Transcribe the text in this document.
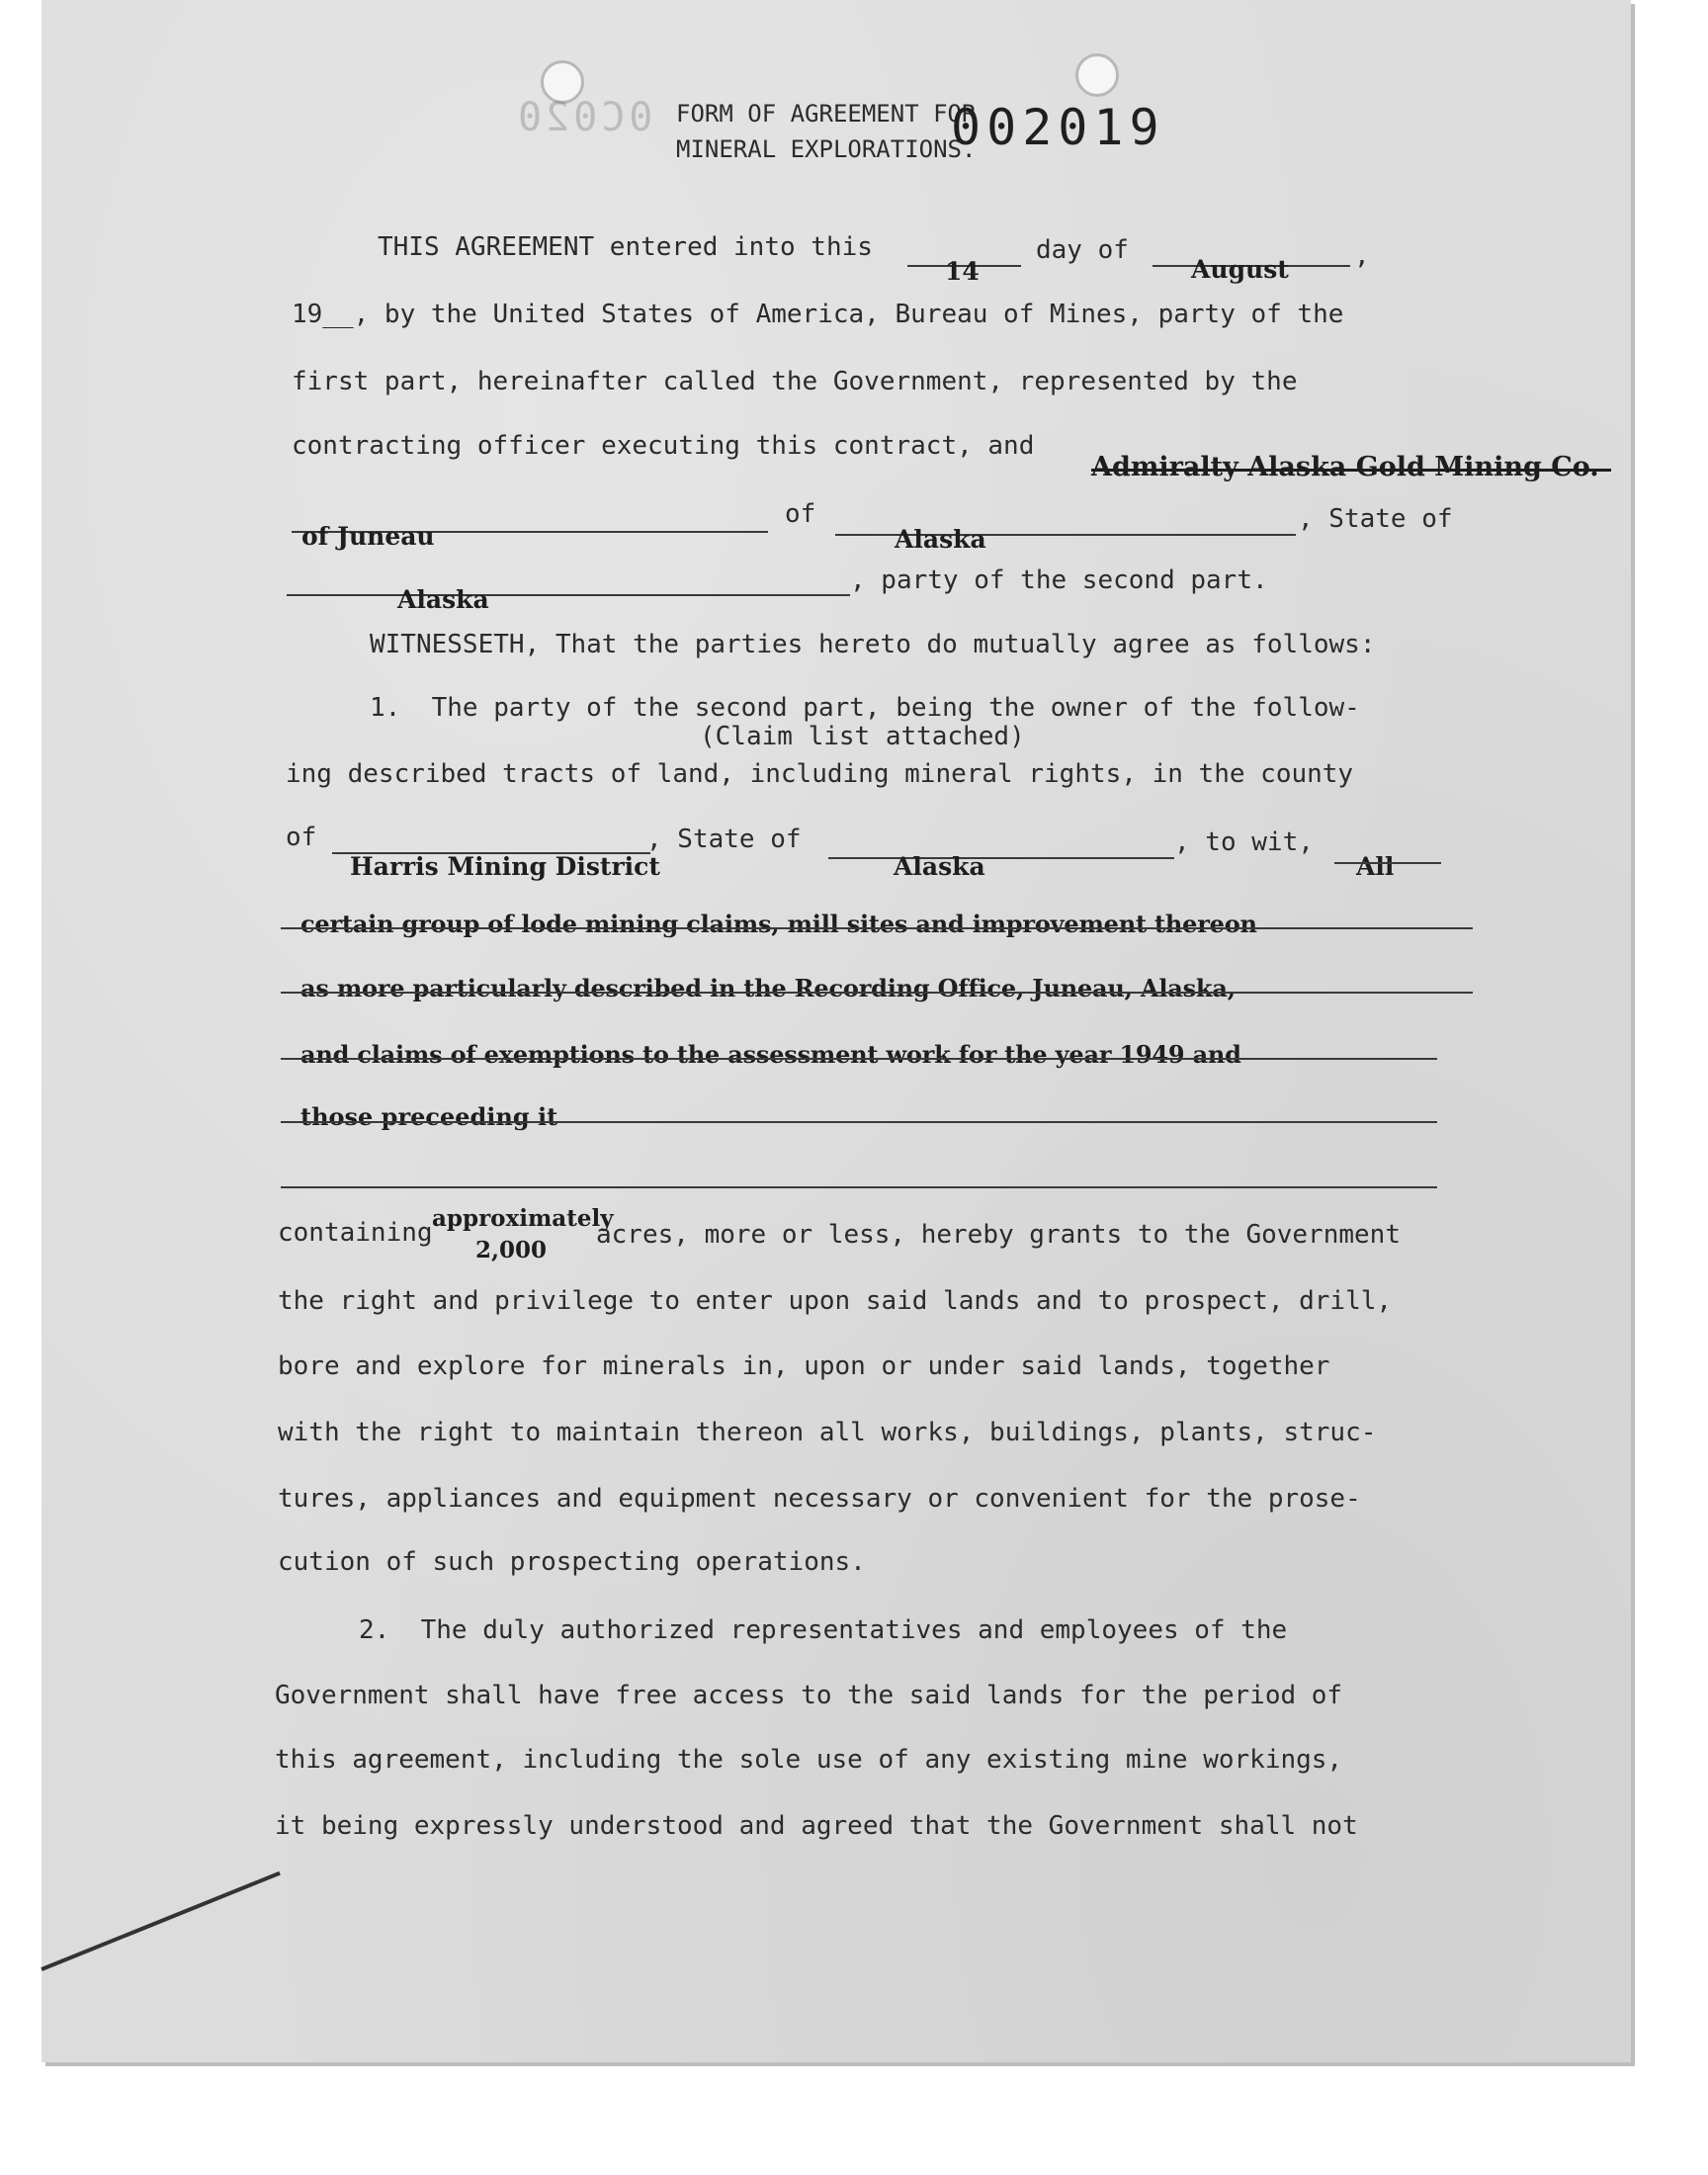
0C020 FORM OF AGREEMENT FOR
MINERAL EXPLORATIONS.
002019
THIS AGREEMENT entered into this
14
day of
August	,
19__, by the United States of America, Bureau of Mines, party of the
first part, hereinafter called the Government, represented by the
contracting officer executing this contract, and
Admiralty Alaska Gold Mining Co.
of Juneau
of
Alaska
, State of
Alaska
, party of the second part.
WITNESSETH, That the parties hereto do mutually agree as follows:
1.  The party of the second part, being the owner of the follow-
(Claim list attached)
ing described tracts of land, including mineral rights, in the county
of
Harris Mining District
, State of
Alaska
, to wit,
All
certain group of lode mining claims, mill sites and improvement thereon
as more particularly described in the Recording Office, Juneau, Alaska,
and claims of exemptions to the assessment work for the year 1949 and
those preceeding it
containing approximately
2,000
acres, more or less, hereby grants to the Government
the right and privilege to enter upon said lands and to prospect, drill,
bore and explore for minerals in, upon or under said lands, together
with the right to maintain thereon all works, buildings, plants, struc-
tures, appliances and equipment necessary or convenient for the prose-
cution of such prospecting operations.
2.  The duly authorized representatives and employees of the
Government shall have free access to the said lands for the period of
this agreement, including the sole use of any existing mine workings,
it being expressly understood and agreed that the Government shall not
